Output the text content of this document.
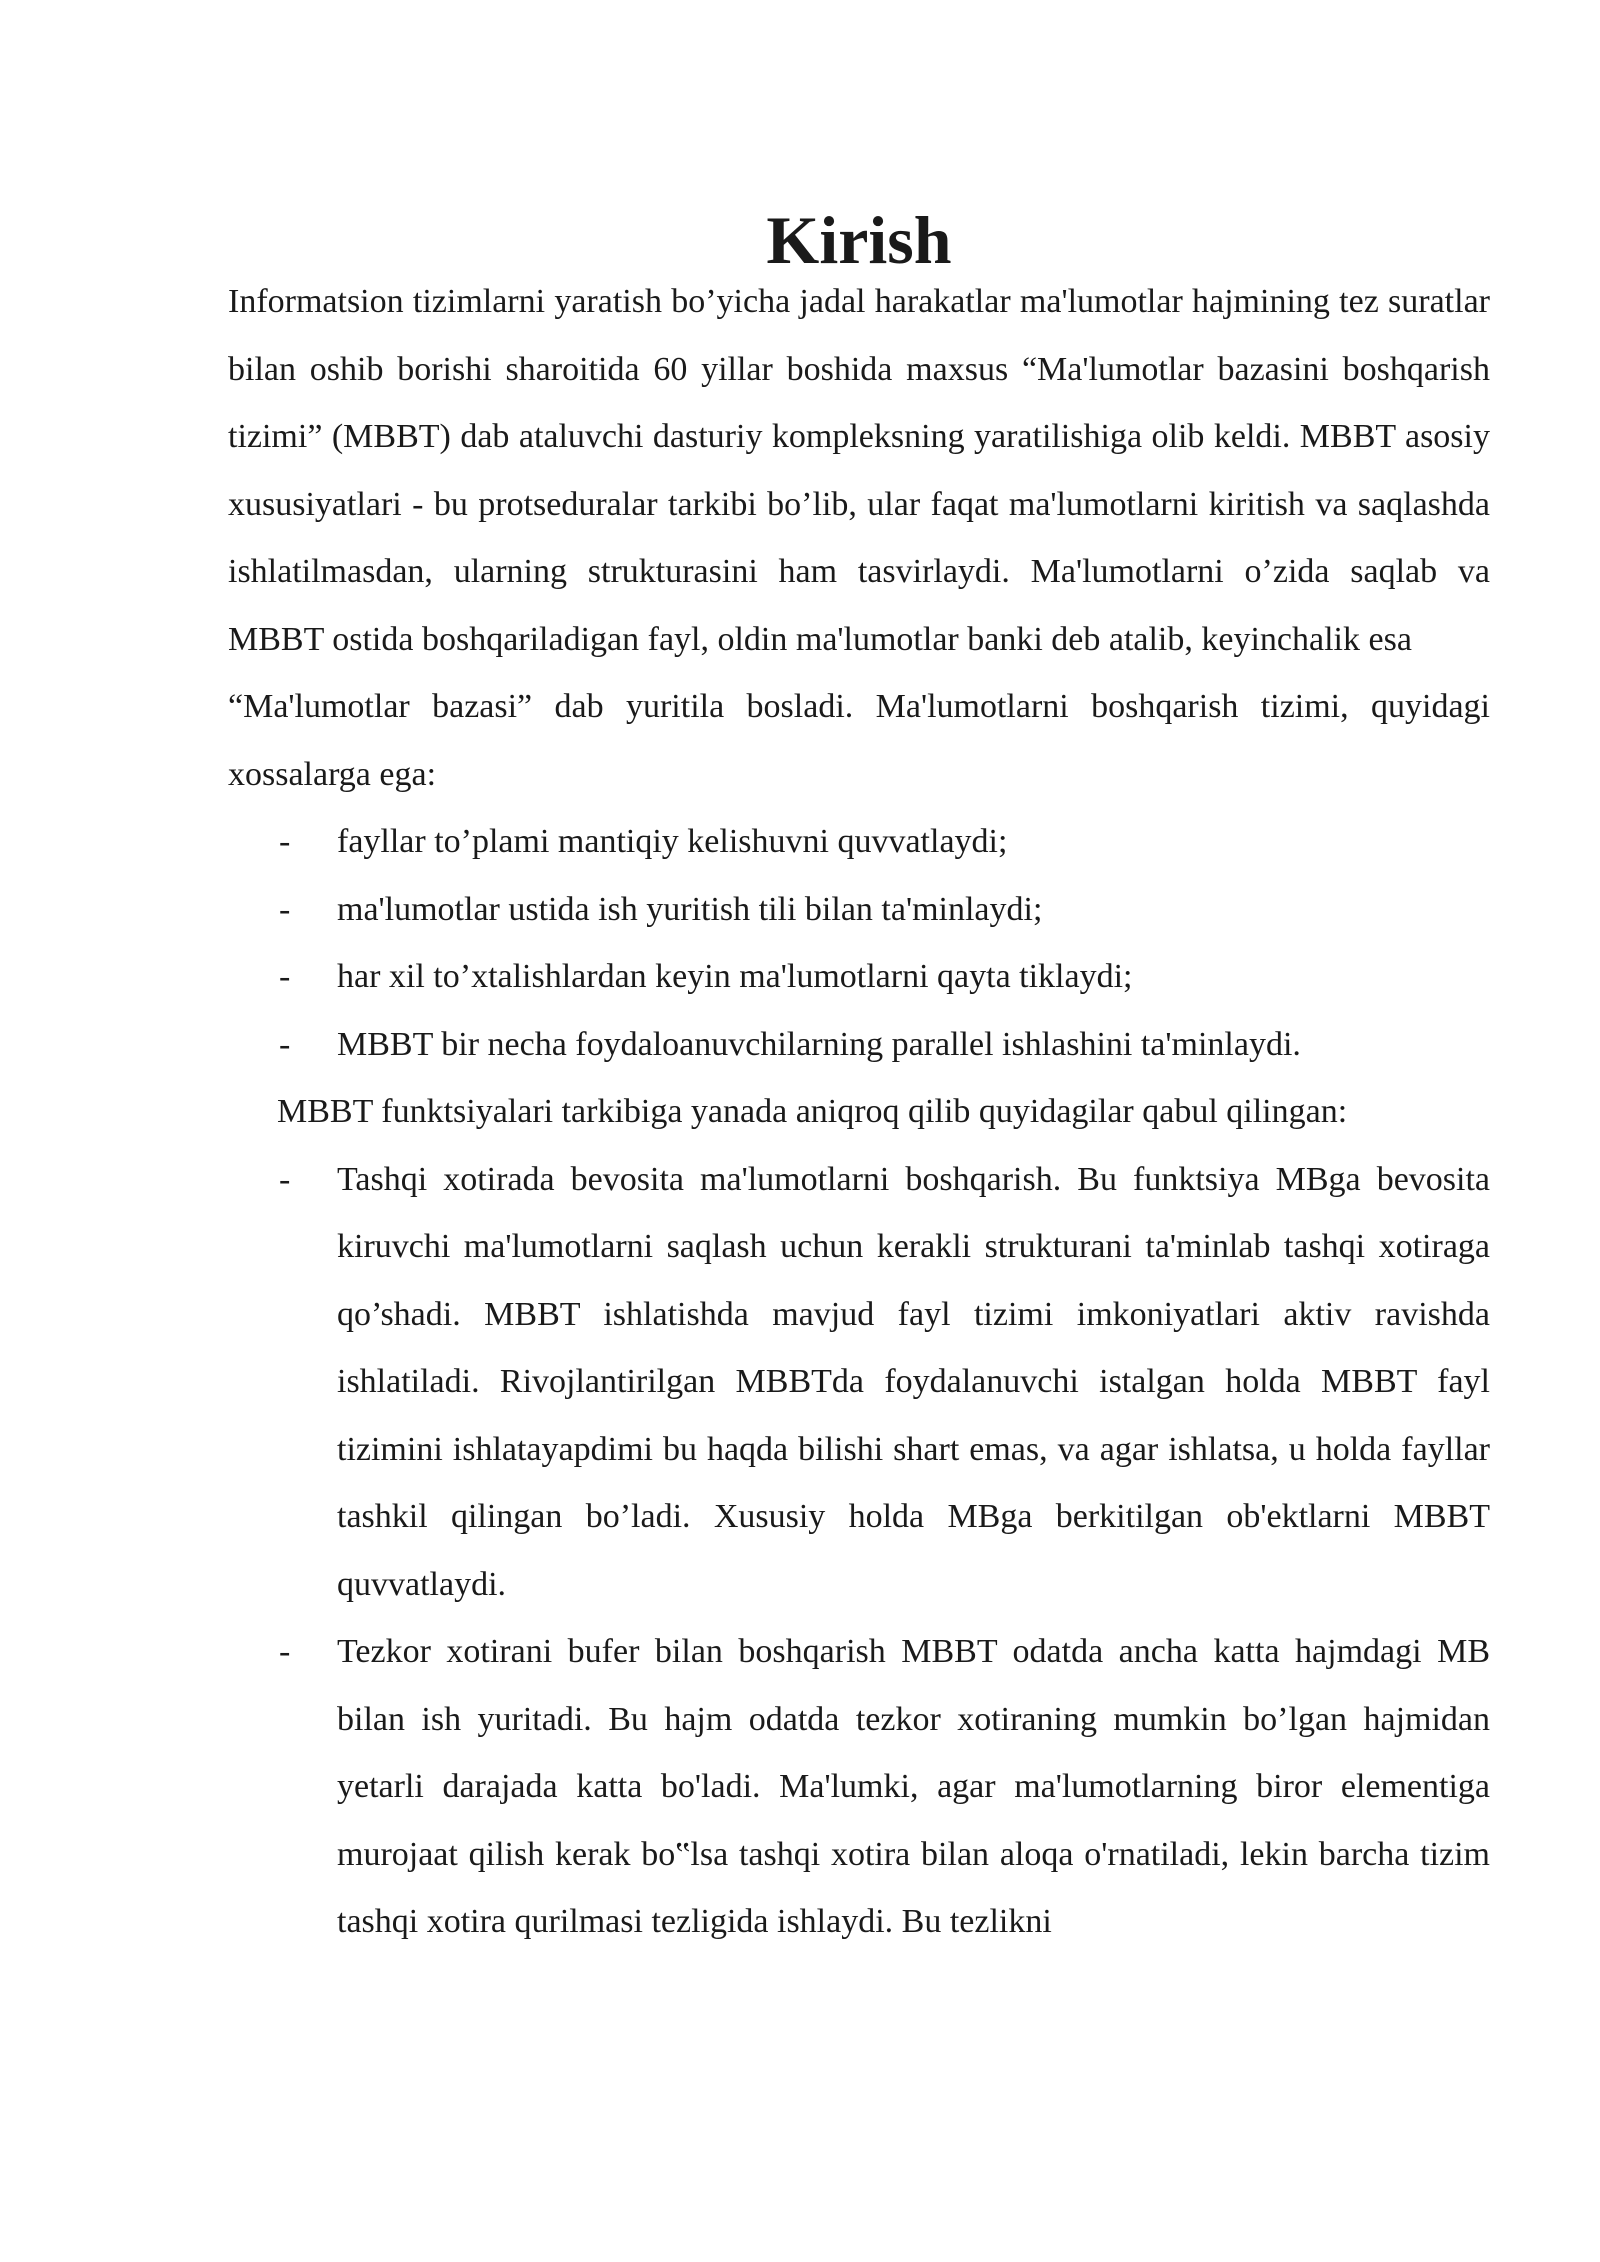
Kirish

Informatsion tizimlarni yaratish bo’yicha jadal harakatlar ma'lumotlar hajmining tez suratlar bilan oshib borishi sharoitida 60 yillar boshida maxsus “Ma'lumotlar bazasini boshqarish tizimi” (MBBT) dab ataluvchi dasturiy kompleksning yaratilishiga olib keldi. MBBT asosiy xususiyatlari - bu protseduralar tarkibi bo’lib, ular faqat ma'lumotlarni kiritish va saqlashda ishlatilmasdan, ularning strukturasini ham tasvirlaydi. Ma'lumotlarni o’zida saqlab va MBBT ostida boshqariladigan fayl, oldin ma'lumotlar banki deb atalib, keyinchalik esa

“Ma'lumotlar bazasi” dab yuritila bosladi. Ma'lumotlarni boshqarish tizimi, quyidagi xossalarga ega:

- fayllar to’plami mantiqiy kelishuvni quvvatlaydi;
- ma'lumotlar ustida ish yuritish tili bilan ta'minlaydi;
- har xil to’xtalishlardan keyin ma'lumotlarni qayta tiklaydi;
- MBBT bir necha foydaloanuvchilarning parallel ishlashini ta'minlaydi.

MBBT funktsiyalari tarkibiga yanada aniqroq qilib quyidagilar qabul qilingan:

- Tashqi xotirada bevosita ma'lumotlarni boshqarish. Bu funktsiya MBga bevosita kiruvchi ma'lumotlarni saqlash uchun kerakli strukturani ta'minlab tashqi xotiraga qo’shadi. MBBT ishlatishda mavjud fayl tizimi imkoniyatlari aktiv ravishda ishlatiladi. Rivojlantirilgan MBBTda foydalanuvchi istalgan holda MBBT fayl tizimini ishlatayapdimi bu haqda bilishi shart emas, va agar ishlatsa, u holda fayllar tashkil qilingan bo’ladi. Xususiy holda MBga berkitilgan ob'ektlarni MBBT quvvatlaydi.
- Tezkor xotirani bufer bilan boshqarish MBBT odatda ancha katta hajmdagi MB bilan ish yuritadi. Bu hajm odatda tezkor xotiraning mumkin bo’lgan hajmidan yetarli darajada katta bo'ladi. Ma'lumki, agar ma'lumotlarning biror elementiga murojaat qilish kerak bo‟lsa tashqi xotira bilan aloqa o'rnatiladi, lekin barcha tizim tashqi xotira qurilmasi tezligida ishlaydi. Bu tezlikni
